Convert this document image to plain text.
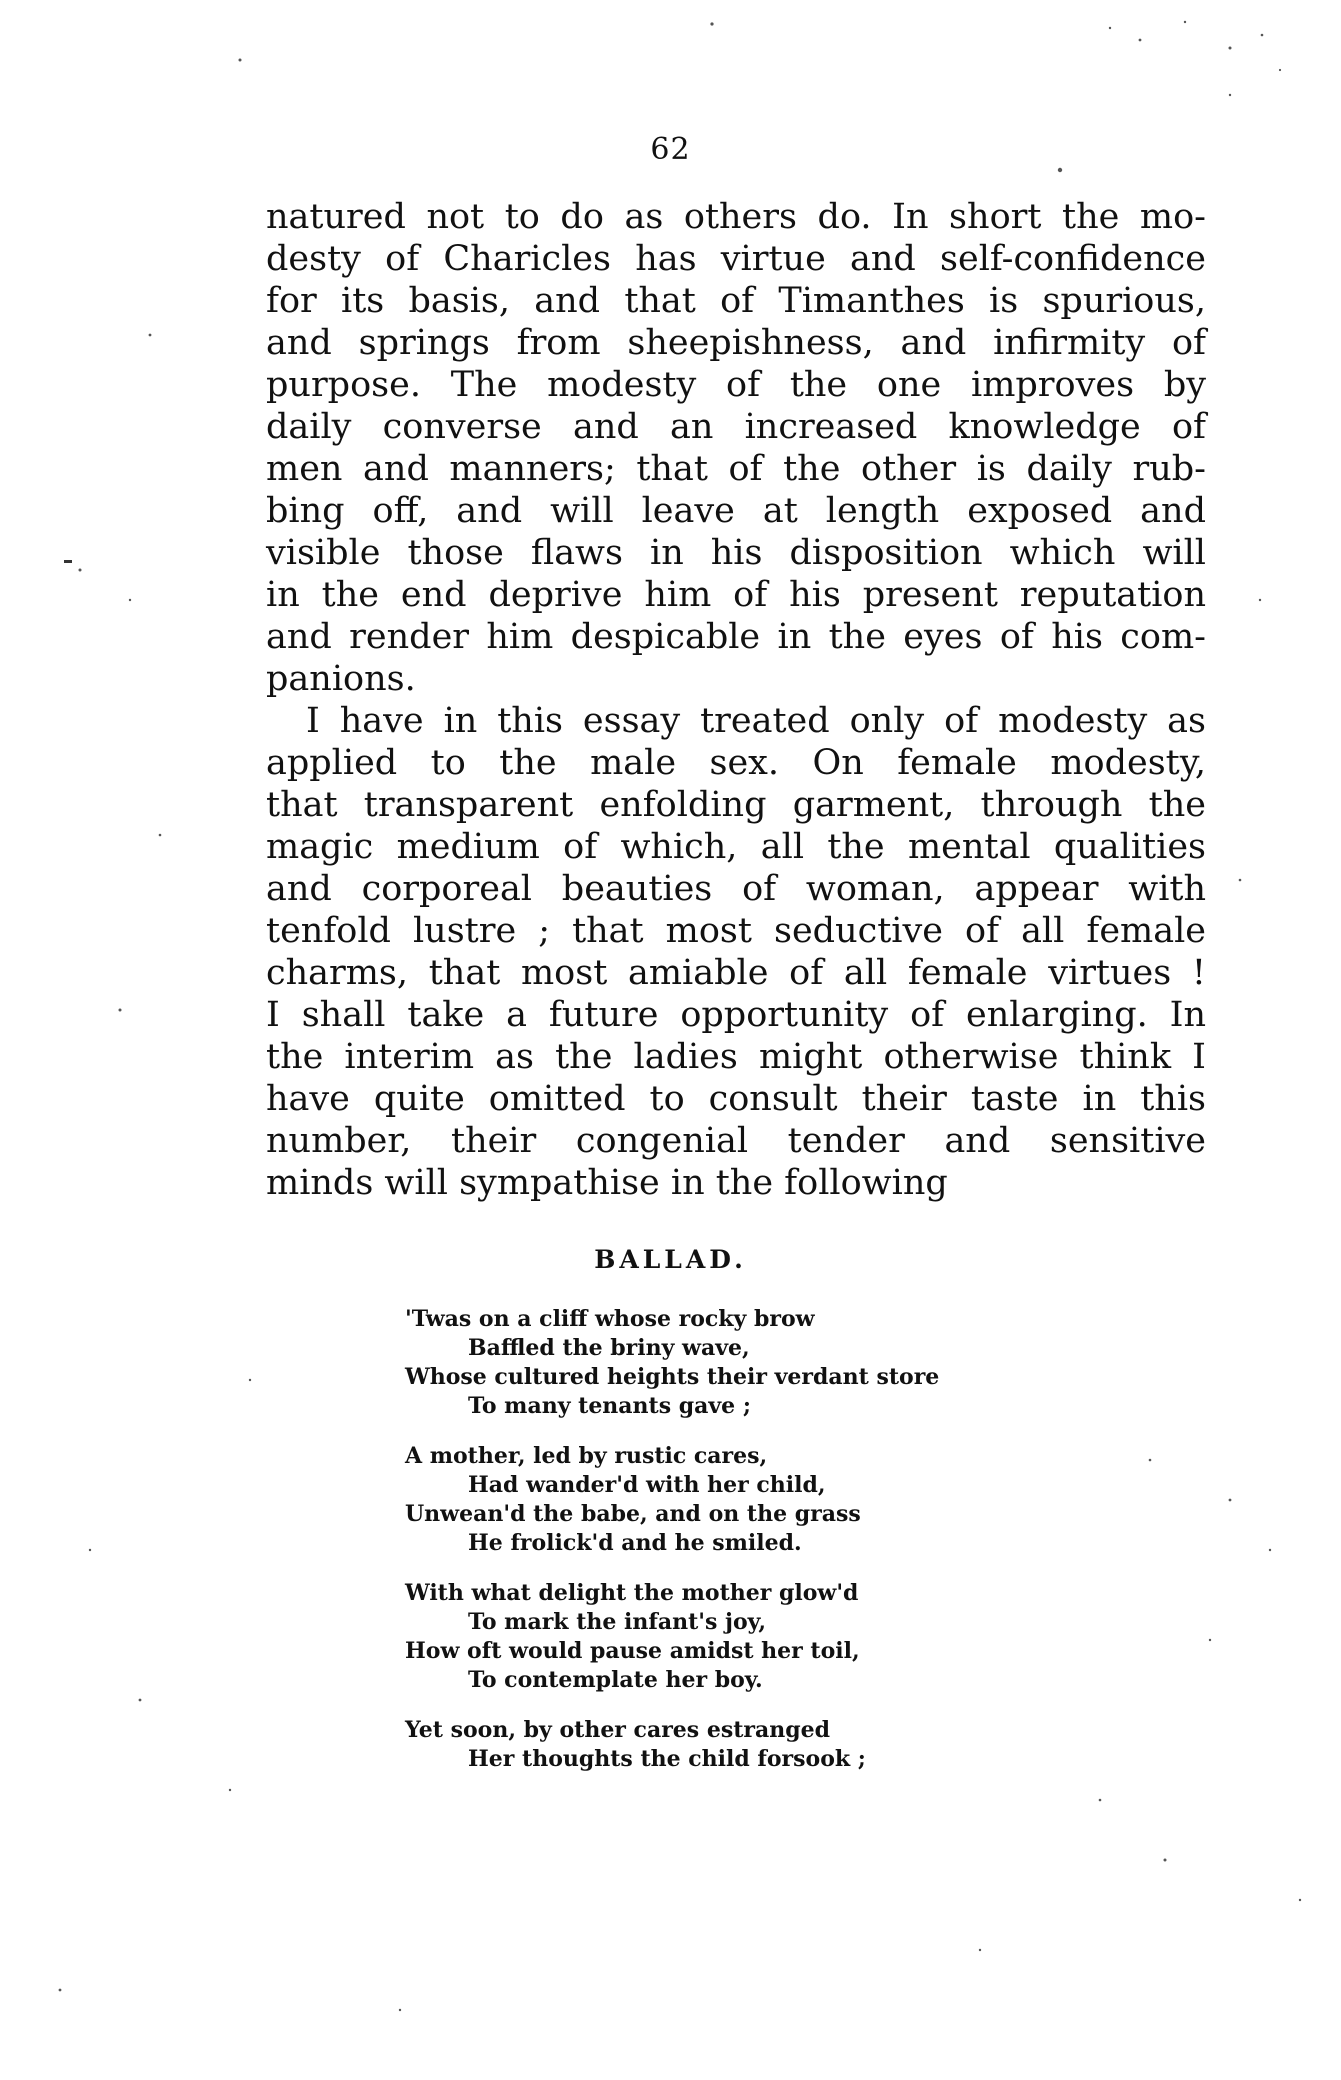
62
natured not to do as others do. In short the mo-
desty of Charicles has virtue and self-confidence
for its basis, and that of Timanthes is spurious,
and springs from sheepishness, and infirmity of
purpose. The modesty of the one improves by
daily converse and an increased knowledge of
men and manners; that of the other is daily rub-
bing off, and will leave at length exposed and
visible those flaws in his disposition which will
in the end deprive him of his present reputation
and render him despicable in the eyes of his com-
panions.
I have in this essay treated only of modesty as
applied to the male sex. On female modesty,
that transparent enfolding garment, through the
magic medium of which, all the mental qualities
and corporeal beauties of woman, appear with
tenfold lustre ; that most seductive of all female
charms, that most amiable of all female virtues !
I shall take a future opportunity of enlarging. In
the interim as the ladies might otherwise think I
have quite omitted to consult their taste in this
number, their congenial tender and sensitive
minds will sympathise in the following
BALLAD.
'Twas on a cliff whose rocky brow
Baffled the briny wave,
Whose cultured heights their verdant store
To many tenants gave ;
A mother, led by rustic cares,
Had wander'd with her child,
Unwean'd the babe, and on the grass
He frolick'd and he smiled.
With what delight the mother glow'd
To mark the infant's joy,
How oft would pause amidst her toil,
To contemplate her boy.
Yet soon, by other cares estranged
Her thoughts the child forsook ;
